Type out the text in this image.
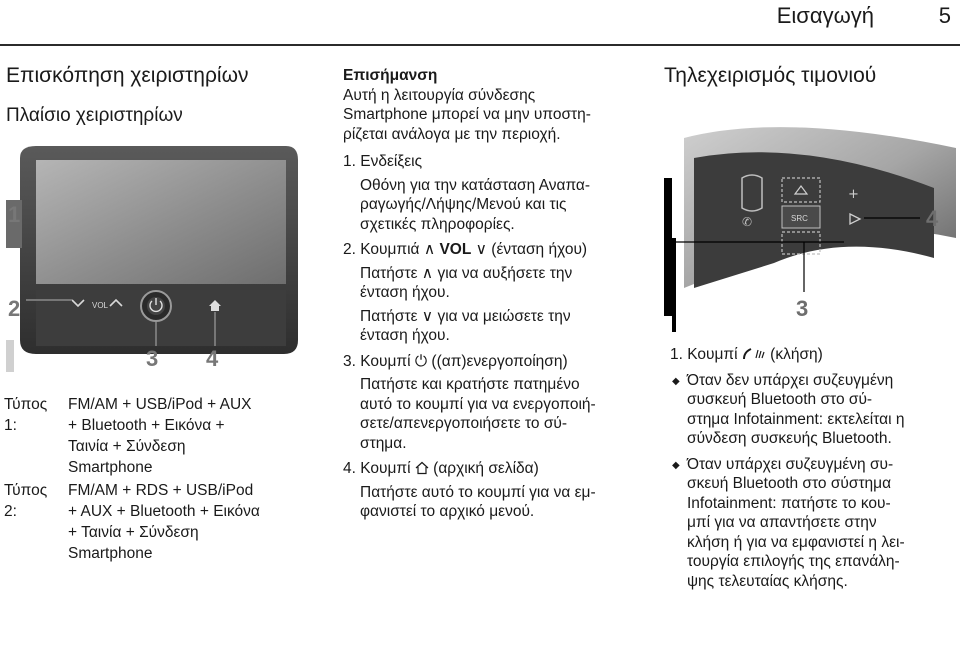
Εισαγωγή	5
Επισκόπηση χειριστηρίων
Πλαίσιο χειριστηρίων
VOL
1
2
3 4
Τύπος 1:
FM/AM + USB/iPod + AUX
+ Bluetooth + Εικόνα +
Ταινία + Σύνδεση
Smartphone
Τύπος 2:
FM/AM + RDS + USB/iPod
+ AUX + Bluetooth + Εικόνα
+ Ταινία + Σύνδεση
Smartphone
Επισήμανση
Αυτή η λειτουργία σύνδεσης
Smartphone μπορεί να μην υποστη-
ρίζεται ανάλογα με την περιοχή.
1. Ενδείξεις
Οθόνη για την κατάσταση Αναπα-
ραγωγής/Λήψης/Μενού και τις
σχετικές πληροφορίες.
2. Κουμπιά ∧ VOL ∨ (ένταση ήχου)
Πατήστε ∧ για να αυξήσετε την
ένταση ήχου.
Πατήστε ∨ για να μειώσετε την
ένταση ήχου.
3. Κουμπί ⏻ ((απ)ενεργοποίηση)
Πατήστε και κρατήστε πατημένο
αυτό το κουμπί για να ενεργοποιή-
σετε/απενεργοποιήσετε το σύ-
στημα.
4. Κουμπί  (αρχική σελίδα)
Πατήστε αυτό το κουμπί για να εμ-
φανιστεί το αρχικό μενού.
Τηλεχειρισμός τιμονιού
✆	SRC
+
4
3
1. Κουμπί  (κλήση)
◆ Όταν δεν υπάρχει συζευγμένη
συσκευή Bluetooth στο σύ-
στημα Infotainment: εκτελείται η
σύνδεση συσκευής Bluetooth.
◆ Όταν υπάρχει συζευγμένη συ-
σκευή Bluetooth στο σύστημα
Infotainment: πατήστε το κου-
μπί για να απαντήσετε στην
κλήση ή για να εμφανιστεί η λει-
τουργία επιλογής της επανάλη-
ψης τελευταίας κλήσης.
